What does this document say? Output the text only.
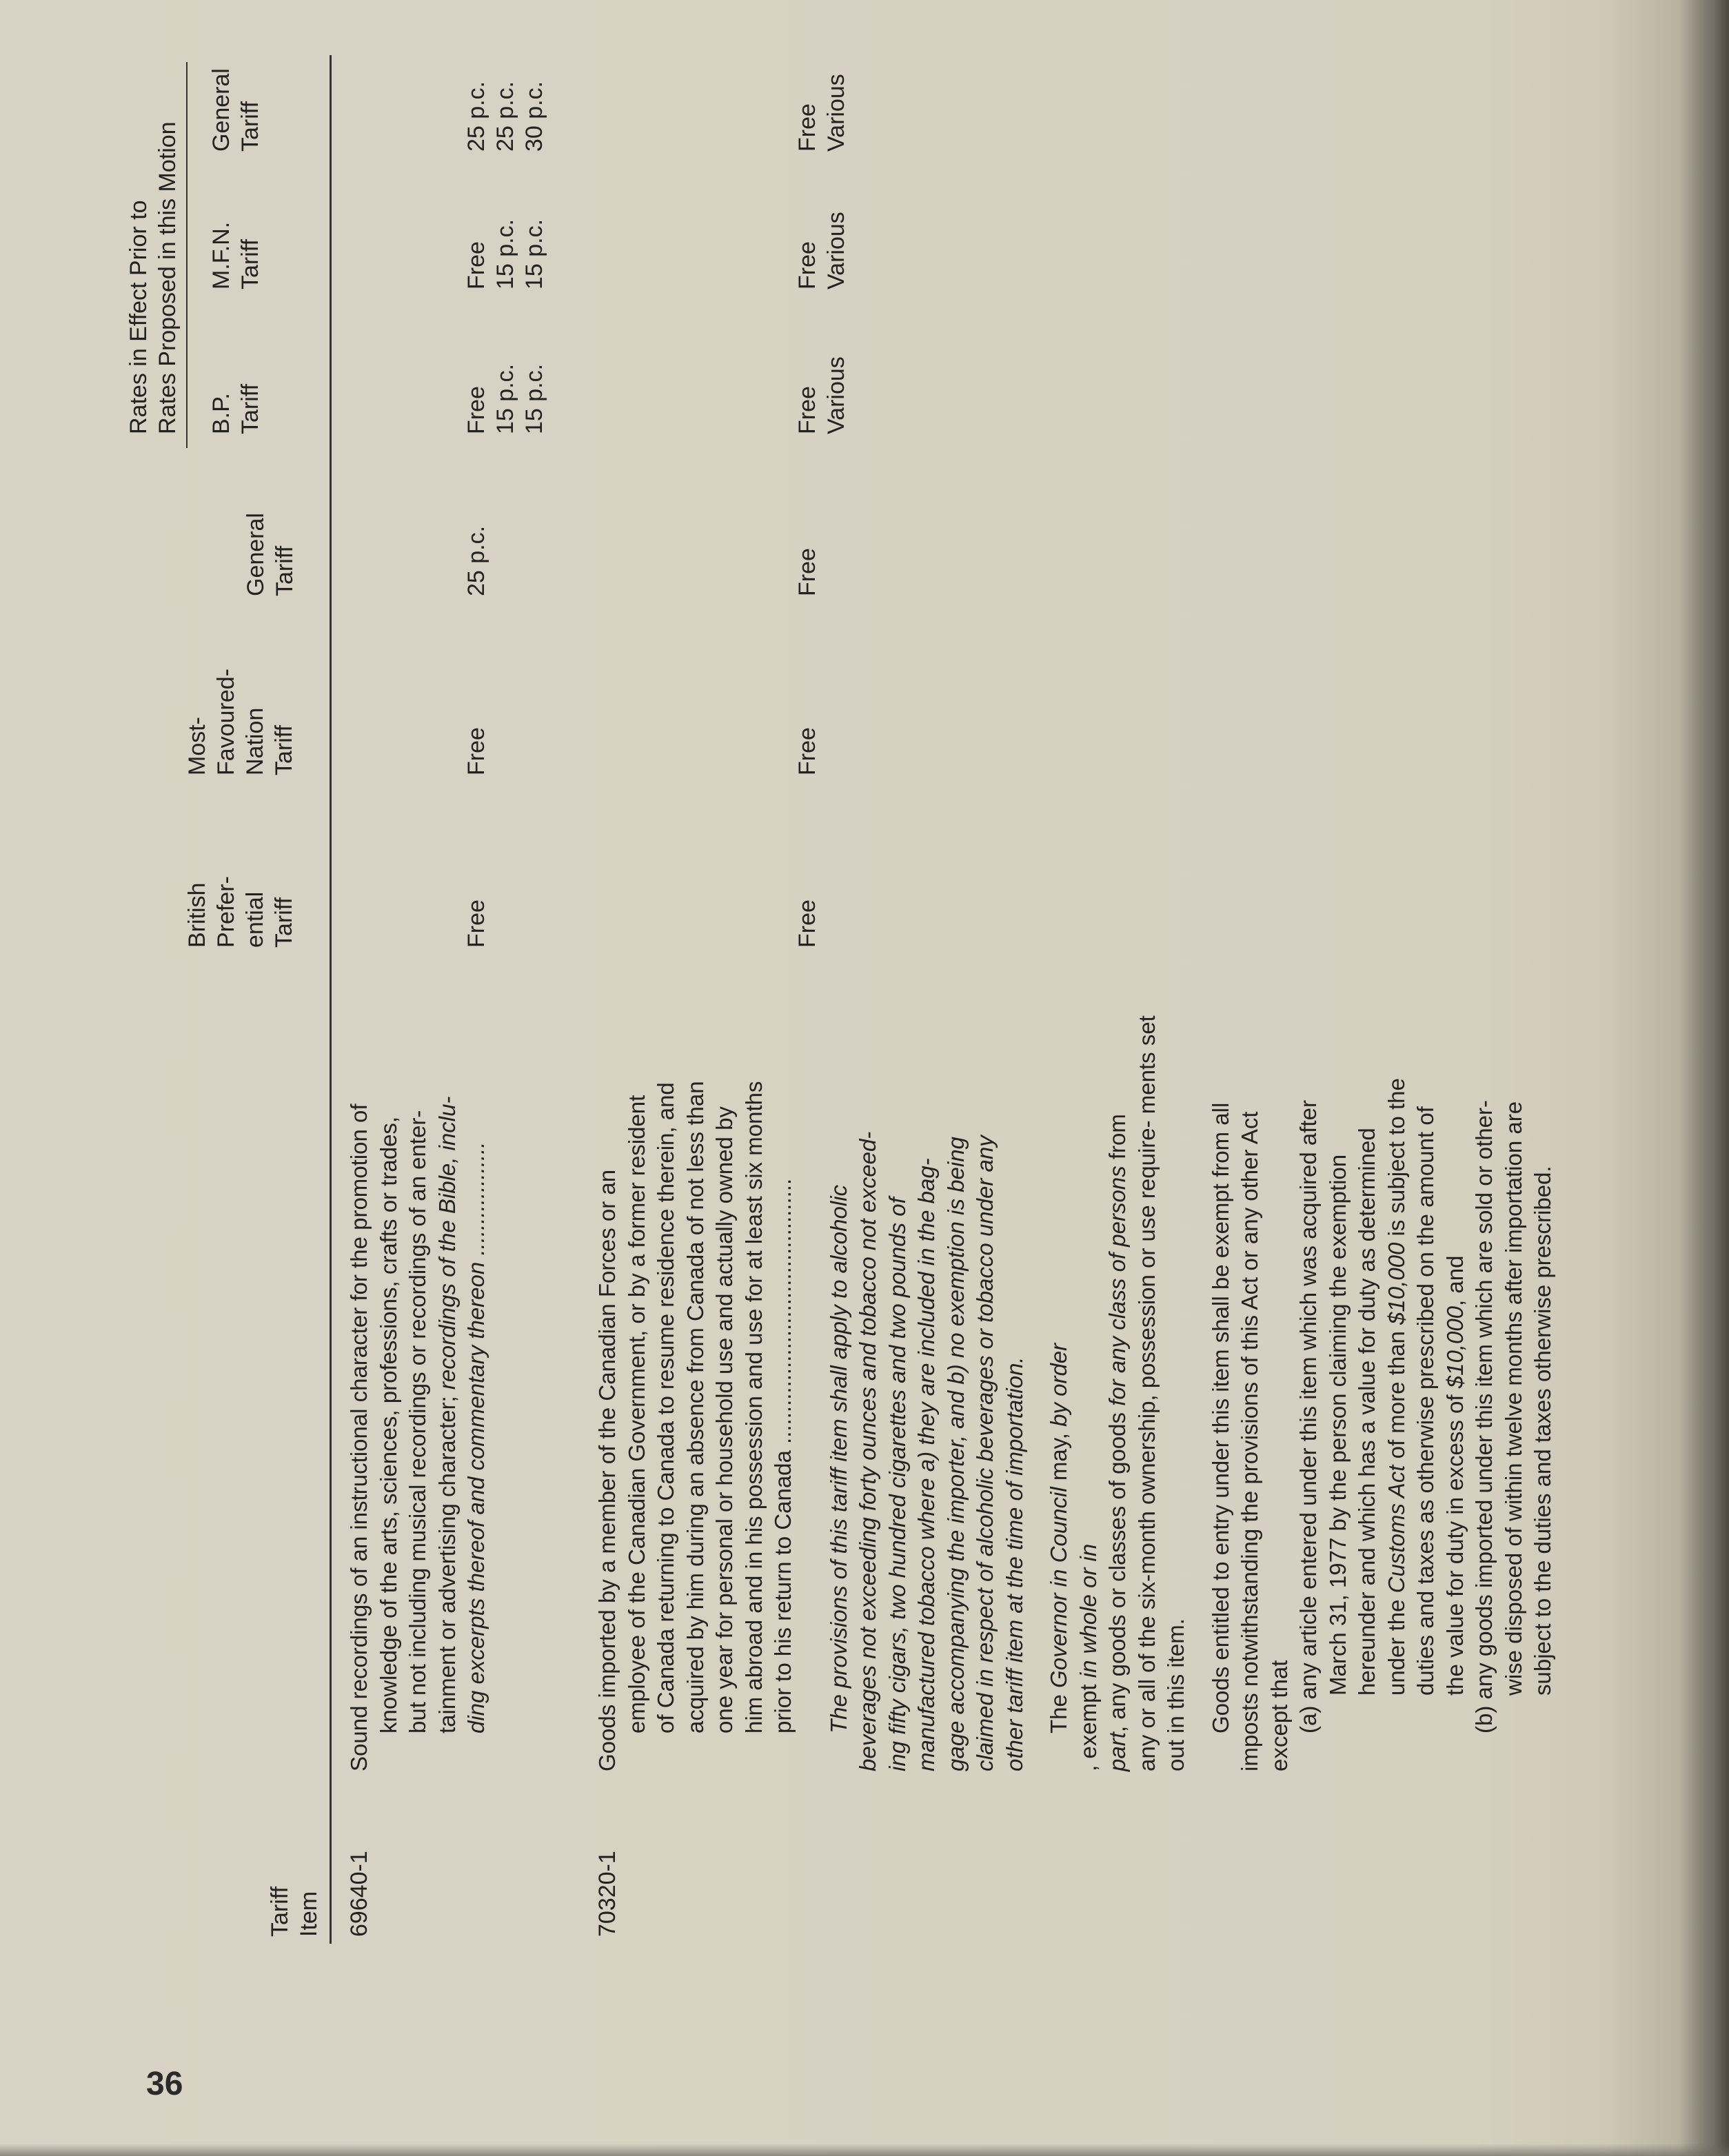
36
Tariff Item
British Prefer- ential Tariff
Most- Favoured- Nation Tariff
General Tariff
Rates in Effect Prior to Rates Proposed in this Motion B.P. Tariff
M.F.N. Tariff
General Tariff
69640-1
Sound recordings of an instructional character for the promotion of knowledge of the arts, sciences, professions, crafts or trades, but not including musical recordings or recordings of an enter- tainment or advertising character; recordings of the Bible, inclu- ding excerpts thereof and commentary thereon ..................
Free
Free
25 p.c.
Free 15 p.c. 15 p.c.
Free 15 p.c. 15 p.c.
25 p.c. 25 p.c. 30 p.c.
70320-1
Goods imported by a member of the Canadian Forces or an employee of the Canadian Government, or by a former resident of Canada returning to Canada to resume residence therein, and acquired by him during an absence from Canada of not less than one year for personal or household use and actually owned by him abroad and in his possession and use for at least six months prior to his return to Canada .......................................... The provisions of this tariff item shall apply to alcoholic beverages not exceeding forty ounces and tobacco not exceed- ing fifty cigars, two hundred cigarettes and two pounds of manufactured tobacco where a) they are included in the bag- gage accompanying the importer, and b) no exemption is being claimed in respect of alcoholic beverages or tobacco under any other tariff item at the time of importation. The Governor in Council may, by order
, exempt in whole or in
part, any goods or classes of goods for any class of persons from any or all of the six-month ownership, possession or use require- ments set out in this item. Goods entitled to entry under this item shall be exempt from all imposts notwithstanding the provisions of this Act or any other Act except that (a) any article entered under this item which was acquired after March 31, 1977 by the person claiming the exemption hereunder and which has a value for duty as determined under the Customs Act of more than $10,000 is subject to the duties and taxes as otherwise prescribed on the amount of the value for duty in excess of $10,000, and (b) any goods imported under this item which are sold or other- wise disposed of within twelve months after importation are subject to the duties and taxes otherwise prescribed.
Free
Free
Free
Free Various
Free Various
Free Various
